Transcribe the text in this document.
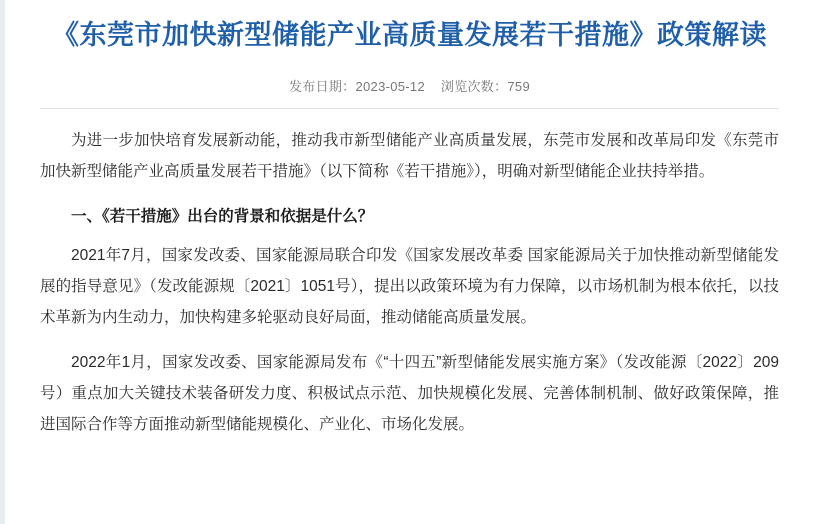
《东莞市加快新型储能产业高质量发展若干措施》政策解读
发布日期：2023-05-12 浏览次数：759

为进一步加快培育发展新动能，推动我市新型储能产业高质量发展，东莞市发展和改革局印发《东莞市加快新型储能产业高质量发展若干措施》（以下简称《若干措施》），明确对新型储能企业扶持举措。

一、《若干措施》出台的背景和依据是什么？

2021年7月，国家发改委、国家能源局联合印发《国家发展改革委 国家能源局关于加快推动新型储能发展的指导意见》（发改能源规〔2021〕1051号），提出以政策环境为有力保障，以市场机制为根本依托，以技术革新为内生动力，加快构建多轮驱动良好局面，推动储能高质量发展。

2022年1月，国家发改委、国家能源局发布《“十四五”新型储能发展实施方案》（发改能源〔2022〕209号）重点加大关键技术装备研发力度、积极试点示范、加快规模化发展、完善体制机制、做好政策保障，推进国际合作等方面推动新型储能规模化、产业化、市场化发展。
